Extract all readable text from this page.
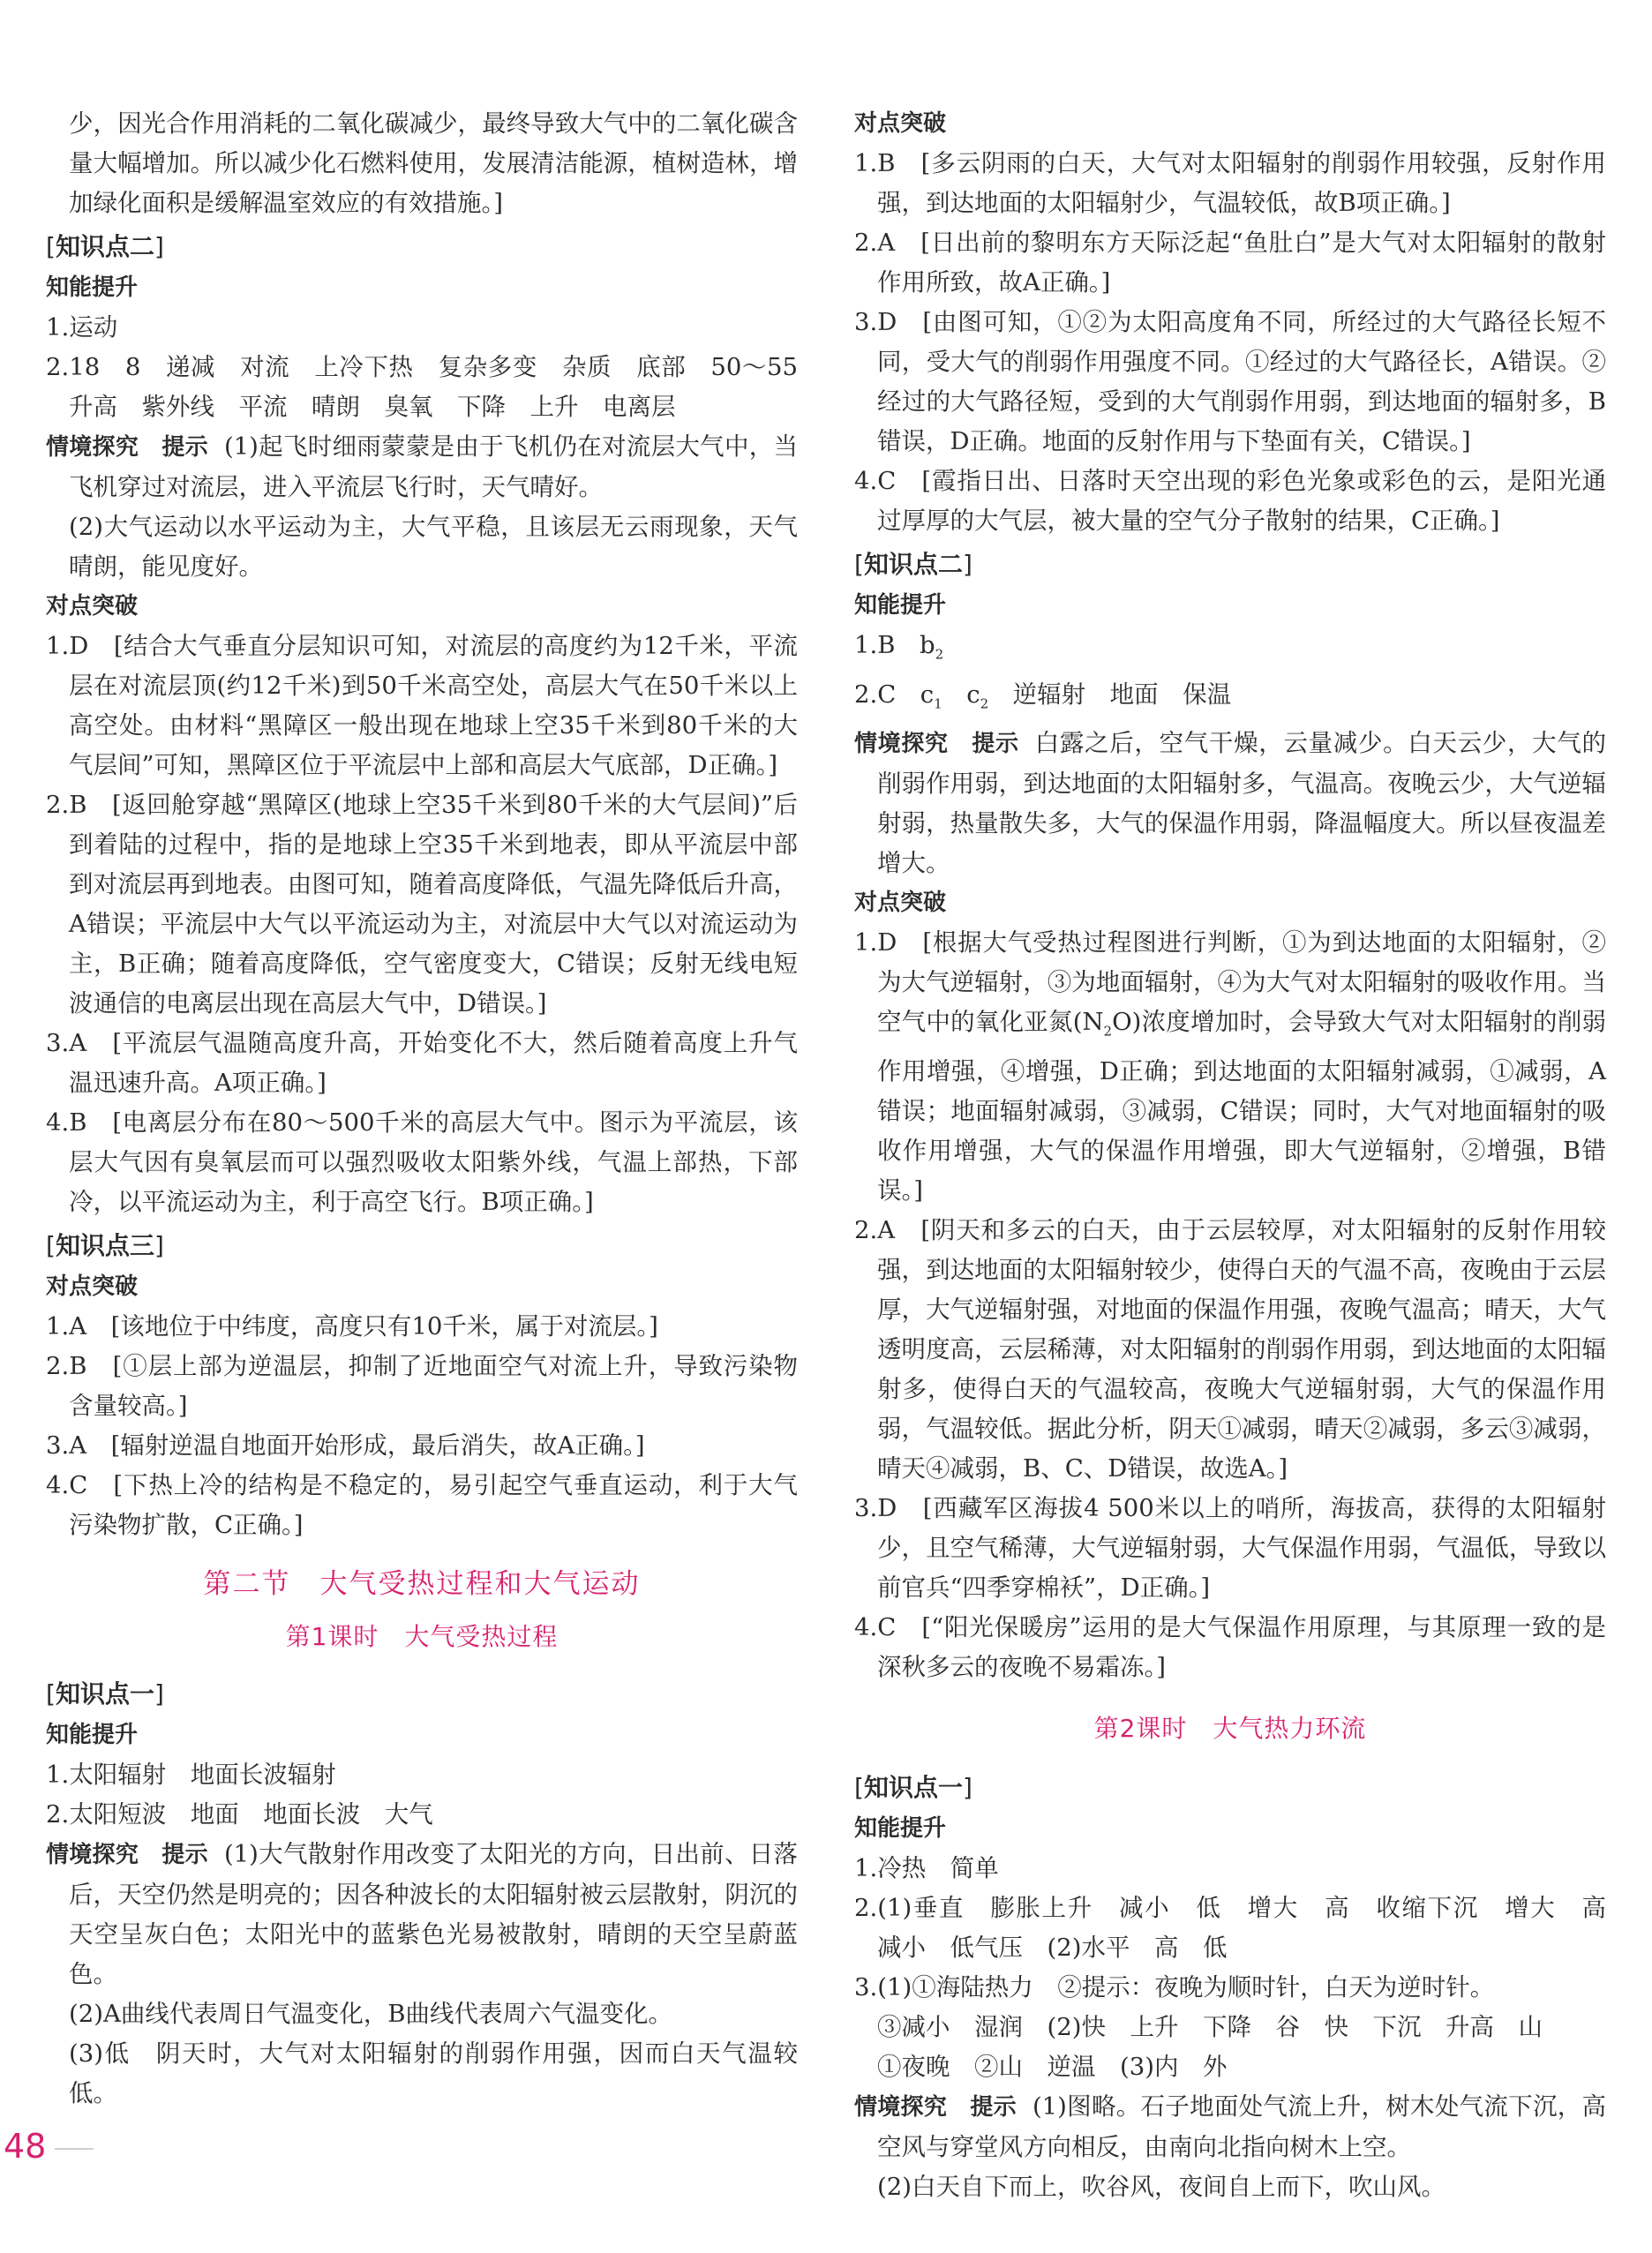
少，因光合作用消耗的二氧化碳减少，最终导致大气中的二氧化碳含量大幅增加。所以减少化石燃料使用，发展清洁能源，植树造林，增加绿化面积是缓解温室效应的有效措施。]

[知识点二]
知能提升

1.运动

2.18　8　递减　对流　上冷下热　复杂多变　杂质　底部　50～55　升高　紫外线　平流　晴朗　臭氧　下降　上升　电离层

情境探究　提示 (1)起飞时细雨蒙蒙是由于飞机仍在对流层大气中，当飞机穿过对流层，进入平流层飞行时，天气晴好。

(2)大气运动以水平运动为主，大气平稳，且该层无云雨现象，天气晴朗，能见度好。

对点突破

1.D　[结合大气垂直分层知识可知，对流层的高度约为12千米，平流层在对流层顶(约12千米)到50千米高空处，高层大气在50千米以上高空处。由材料“黑障区一般出现在地球上空35千米到80千米的大气层间”可知，黑障区位于平流层中上部和高层大气底部，D正确。]

2.B　[返回舱穿越“黑障区(地球上空35千米到80千米的大气层间)”后到着陆的过程中，指的是地球上空35千米到地表，即从平流层中部到对流层再到地表。由图可知，随着高度降低，气温先降低后升高，A错误；平流层中大气以平流运动为主，对流层中大气以对流运动为主，B正确；随着高度降低，空气密度变大，C错误；反射无线电短波通信的电离层出现在高层大气中，D错误。]

3.A　[平流层气温随高度升高，开始变化不大，然后随着高度上升气温迅速升高。A项正确。]

4.B　[电离层分布在80～500千米的高层大气中。图示为平流层，该层大气因有臭氧层而可以强烈吸收太阳紫外线，气温上部热，下部冷，以平流运动为主，利于高空飞行。B项正确。]

[知识点三]
对点突破

1.A　[该地位于中纬度，高度只有10千米，属于对流层。]

2.B　[①层上部为逆温层，抑制了近地面空气对流上升，导致污染物含量较高。]

3.A　[辐射逆温自地面开始形成，最后消失，故A正确。]

4.C　[下热上冷的结构是不稳定的，易引起空气垂直运动，利于大气污染物扩散，C正确。]

第二节　大气受热过程和大气运动
第1课时　大气受热过程
[知识点一]
知能提升

1.太阳辐射　地面长波辐射

2.太阳短波　地面　地面长波　大气

情境探究　提示 (1)大气散射作用改变了太阳光的方向，日出前、日落后，天空仍然是明亮的；因各种波长的太阳辐射被云层散射，阴沉的天空呈灰白色；太阳光中的蓝紫色光易被散射，晴朗的天空呈蔚蓝色。

(2)A曲线代表周日气温变化，B曲线代表周六气温变化。

(3)低　阴天时，大气对太阳辐射的削弱作用强，因而白天气温较低。

对点突破

1.B　[多云阴雨的白天，大气对太阳辐射的削弱作用较强，反射作用强，到达地面的太阳辐射少，气温较低，故B项正确。]

2.A　[日出前的黎明东方天际泛起“鱼肚白”是大气对太阳辐射的散射作用所致，故A正确。]

3.D　[由图可知，①②为太阳高度角不同，所经过的大气路径长短不同，受大气的削弱作用强度不同。①经过的大气路径长，A错误。②经过的大气路径短，受到的大气削弱作用弱，到达地面的辐射多，B错误，D正确。地面的反射作用与下垫面有关，C错误。]

4.C　[霞指日出、日落时天空出现的彩色光象或彩色的云，是阳光通过厚厚的大气层，被大量的空气分子散射的结果，C正确。]

[知识点二]
知能提升

1.B　$b_2$

2.C　$c_1$　$c_2$　逆辐射　地面　保温

情境探究　提示 白露之后，空气干燥，云量减少。白天云少，大气的削弱作用弱，到达地面的太阳辐射多，气温高。夜晚云少，大气逆辐射弱，热量散失多，大气的保温作用弱，降温幅度大。所以昼夜温差增大。

对点突破

1.D　[根据大气受热过程图进行判断，①为到达地面的太阳辐射，②为大气逆辐射，③为地面辐射，④为大气对太阳辐射的吸收作用。当空气中的氧化亚氮$(N_2O)$浓度增加时，会导致大气对太阳辐射的削弱作用增强，④增强，D正确；到达地面的太阳辐射减弱，①减弱，A错误；地面辐射减弱，③减弱，C错误；同时，大气对地面辐射的吸收作用增强，大气的保温作用增强，即大气逆辐射，②增强，B错误。]

2.A　[阴天和多云的白天，由于云层较厚，对太阳辐射的反射作用较强，到达地面的太阳辐射较少，使得白天的气温不高，夜晚由于云层厚，大气逆辐射强，对地面的保温作用强，夜晚气温高；晴天，大气透明度高，云层稀薄，对太阳辐射的削弱作用弱，到达地面的太阳辐射多，使得白天的气温较高，夜晚大气逆辐射弱，大气的保温作用弱，气温较低。据此分析，阴天①减弱，晴天②减弱，多云③减弱，晴天④减弱，B、C、D错误，故选A。]

3.D　[西藏军区海拔4 500米以上的哨所，海拔高，获得的太阳辐射少，且空气稀薄，大气逆辐射弱，大气保温作用弱，气温低，导致以前官兵“四季穿棉袄”，D正确。]

4.C　[“阳光保暖房”运用的是大气保温作用原理，与其原理一致的是深秋多云的夜晚不易霜冻。]

第2课时　大气热力环流
[知识点一]
知能提升

1.冷热　简单

2.(1)垂直　膨胀上升　减小　低　增大　高　收缩下沉　增大　高　减小　低气压　(2)水平　高　低

3.(1)①海陆热力　②提示：夜晚为顺时针，白天为逆时针。

③减小　湿润　(2)快　上升　下降　谷　快　下沉　升高　山

①夜晚　②山　逆温　(3)内　外

情境探究　提示 (1)图略。石子地面处气流上升，树木处气流下沉，高空风与穿堂风方向相反，由南向北指向树木上空。

(2)白天自下而上，吹谷风，夜间自上而下，吹山风。

48
